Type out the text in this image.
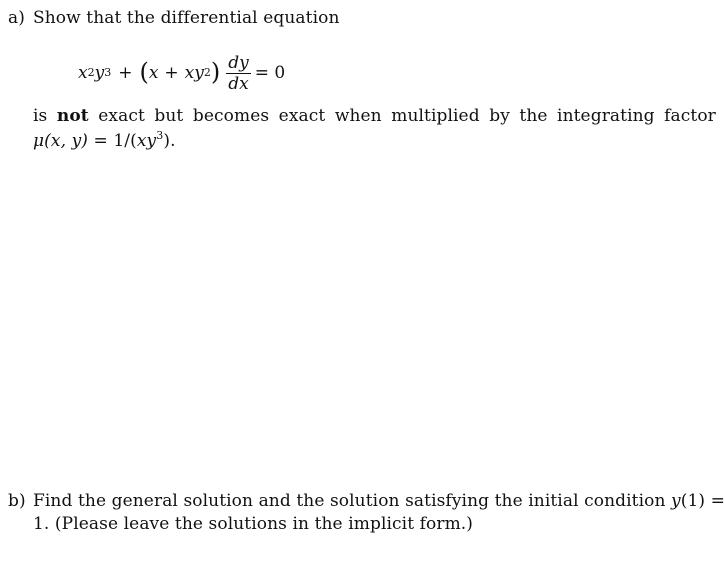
a) Show that the differential equation
x 2 y 3 + ( x + xy 2 ) $\frac{dy}{dx} = 0$
is not exact but becomes exact when multiplied by the integrating factor
μ(x, $y) = 1/(xy^3)$.
b) Find the general solution and the solution satisfying the initial condition y(1) =
1. (Please leave the solutions in the implicit form.)
